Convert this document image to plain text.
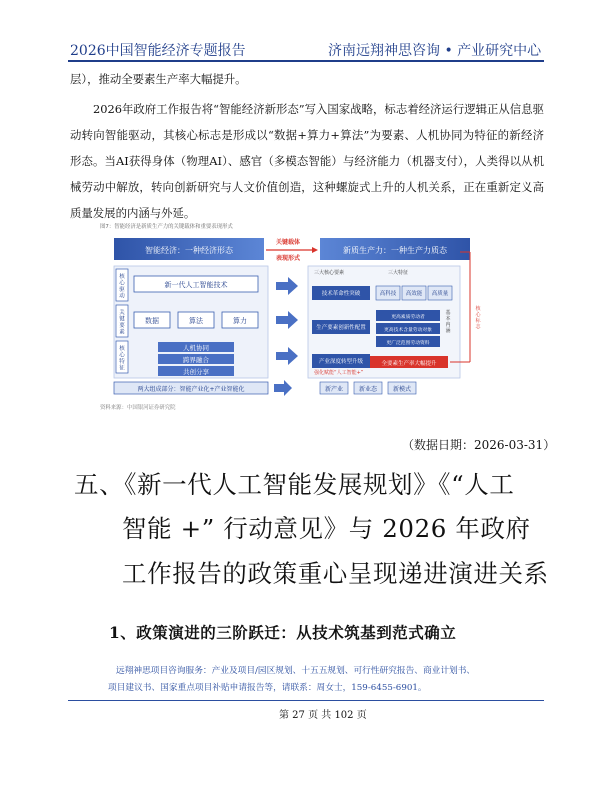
2026中国智能经济专题报告	济南远翔神思咨询 • 产业研究中心
层），推动全要素生产率大幅提升。
2026年政府工作报告将“智能经济新形态”写入国家战略，标志着经济运行逻辑正从信息驱动转向智能驱动，其核心标志是形成以“数据+算力+算法”为要素、人机协同为特征的新经济形态。当AI获得身体（物理AI）、感官（多模态智能）与经济能力（机器支付），人类得以从机械劳动中解放，转向创新研究与人文价值创造，这种螺旋式上升的人机关系，正在重新定义高质量发展的内涵与外延。
图7：智能经济是新质生产力的关键载体和重要表现形式
智能经济：一种经济形态
关键载体
表现形式
新质生产力：一种生产力质态
核心驱动
关键要素
核心特征
新一代人工智能技术
数据	算法	算力
人机协同
跨界融合
共创分享
两大组成部分：智能产业化+产业智能化
三大核心要素	三大特征
技术革命性突破
生产要素创新性配置
产业深度转型升级
高科技 高效能 高质量
更高素质劳动者
更高技术含量劳动对象
更广泛范围劳动资料
基本内涵
全要素生产率大幅提升
核心标志
强化赋能“人工智能+”
新产业	新业态	新模式
资料来源：中国银河证券研究院
（数据日期：2026-03-31）
五、《新一代人工智能发展规划》《“人工
智能 +” 行动意见》与 2026 年政府
工作报告的政策重心呈现递进演进关系
1、政策演进的三阶跃迁：从技术筑基到范式确立
远翔神思项目咨询服务：产业及项目/园区规划、十五五规划、可行性研究报告、商业计划书、
项目建议书、国家重点项目补贴申请报告等，请联系：周女士，159-6455-6901。
第 27 页 共 102 页
